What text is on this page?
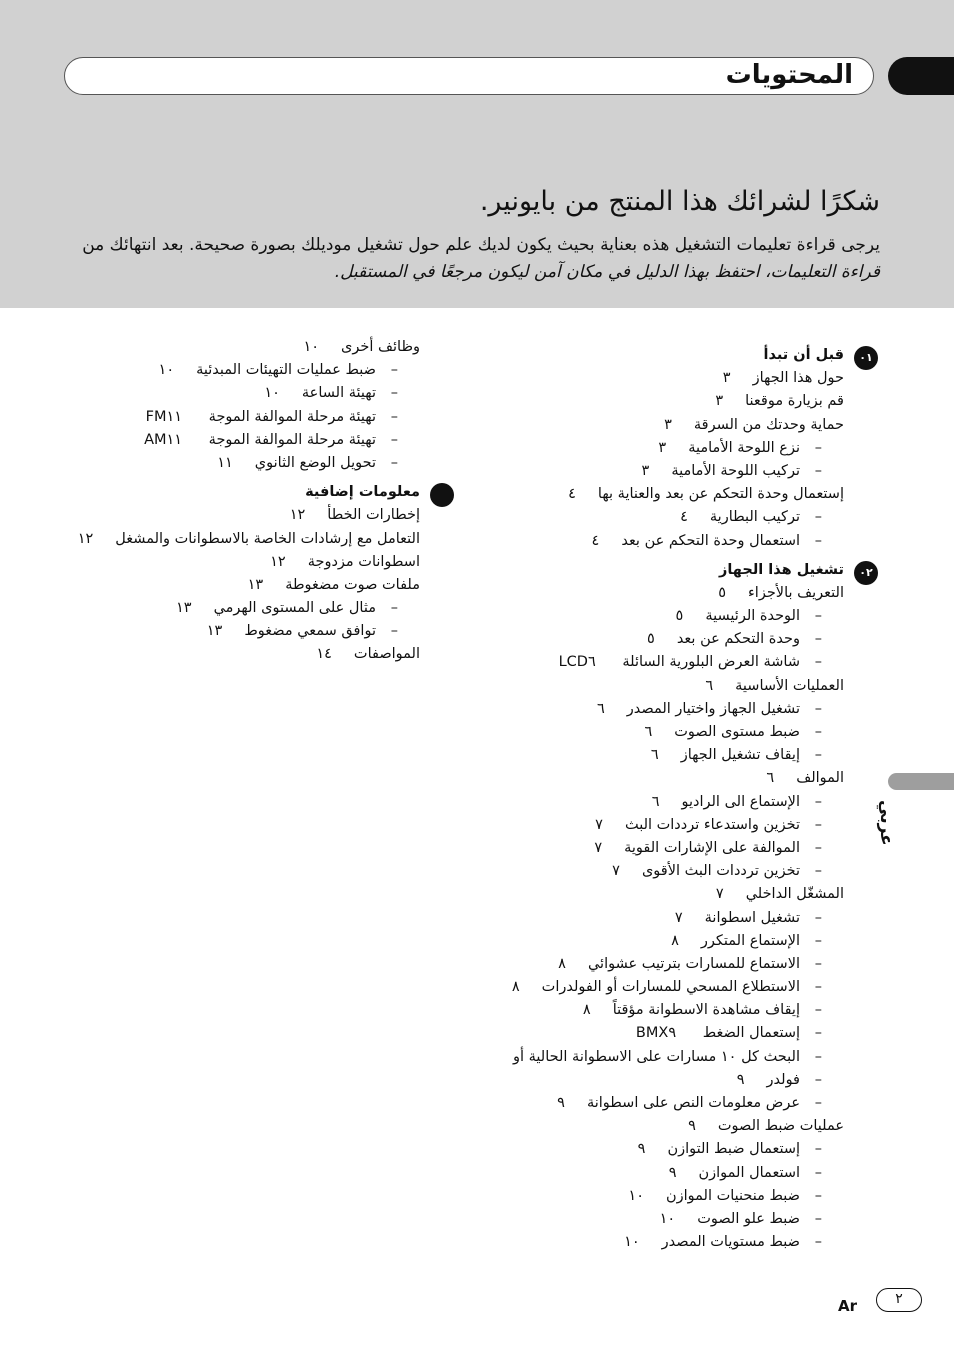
المحتويات
شكرًا لشرائك هذا المنتج من بايونير.
يرجى قراءة تعليمات التشغيل هذه بعناية بحيث يكون لديك علم حول تشغيل موديلك بصورة صحيحة. بعد انتهائك من قراءة التعليمات، احتفظ بهذا الدليل في مكان آمن ليكون مرجعًا في المستقبل.
٠١
قبل أن تبدأ
حول هذا الجهاز٣
قم بزيارة موقعنا٣
حماية وحدتك من السرقة٣
– نزع اللوحة الأمامية٣
– تركيب اللوحة الأمامية٣
إستعمال وحدة التحكم عن بعد والعناية بها٤
– تركيب البطارية٤
– استعمال وحدة التحكم عن بعد٤
٠٢
تشغيل هذا الجهاز
التعريف بالأجزاء٥
– الوحدة الرئيسية٥
– وحدة التحكم عن بعد٥
– شاشة العرض البلورية السائلة LCD٦
العمليات الأساسية٦
– تشغيل الجهاز واختيار المصدر٦
– ضبط مستوى الصوت٦
– إيقاف تشغيل الجهاز٦
الموالف٦
– الإستماع الى الراديو٦
– تخزين واستدعاء ترددات البث٧
– الموالفة على الإشارات القوية٧
– تخزين ترددات البث الأقوى٧
المشغّل الداخلي٧
– تشغيل اسطوانة٧
– الإستماع المتكرر٨
– الاستماع للمسارات بترتيب عشوائي٨
– الاستطلاع المسحي للمسارات أو الفولدرات٨
– إيقاف مشاهدة الاسطوانة مؤقتاً٨
– إستعمال الضغط BMX٩
– البحث كل ١٠ مسارات على الاسطوانة الحالية أو
– فولدر٩
– عرض معلومات النص على اسطوانة٩
عمليات ضبط الصوت٩
– إستعمال ضبط التوازن٩
– استعمال الموازن٩
– ضبط منحنيات الموازن١٠
– ضبط علو الصوت١٠
– ضبط مستويات المصدر١٠
وظائف أخرى١٠
– ضبط عمليات التهيئات المبدئية١٠
– تهيئة الساعة١٠
– تهيئة مرحلة الموالفة الموجة FM١١
– تهيئة مرحلة الموالفة الموجة AM١١
– تحويل الوضع الثانوي١١
معلومات إضافية
إخطارات الخطأ١٢
التعامل مع إرشادات الخاصة بالاسطوانات والمشغل١٢
اسطوانات مزدوجة١٢
ملفات صوت مضغوطة١٣
– مثال على المستوى الهرمي١٣
– توافق سمعي مضغوط١٣
المواصفات١٤
عربي
Ar	٢
